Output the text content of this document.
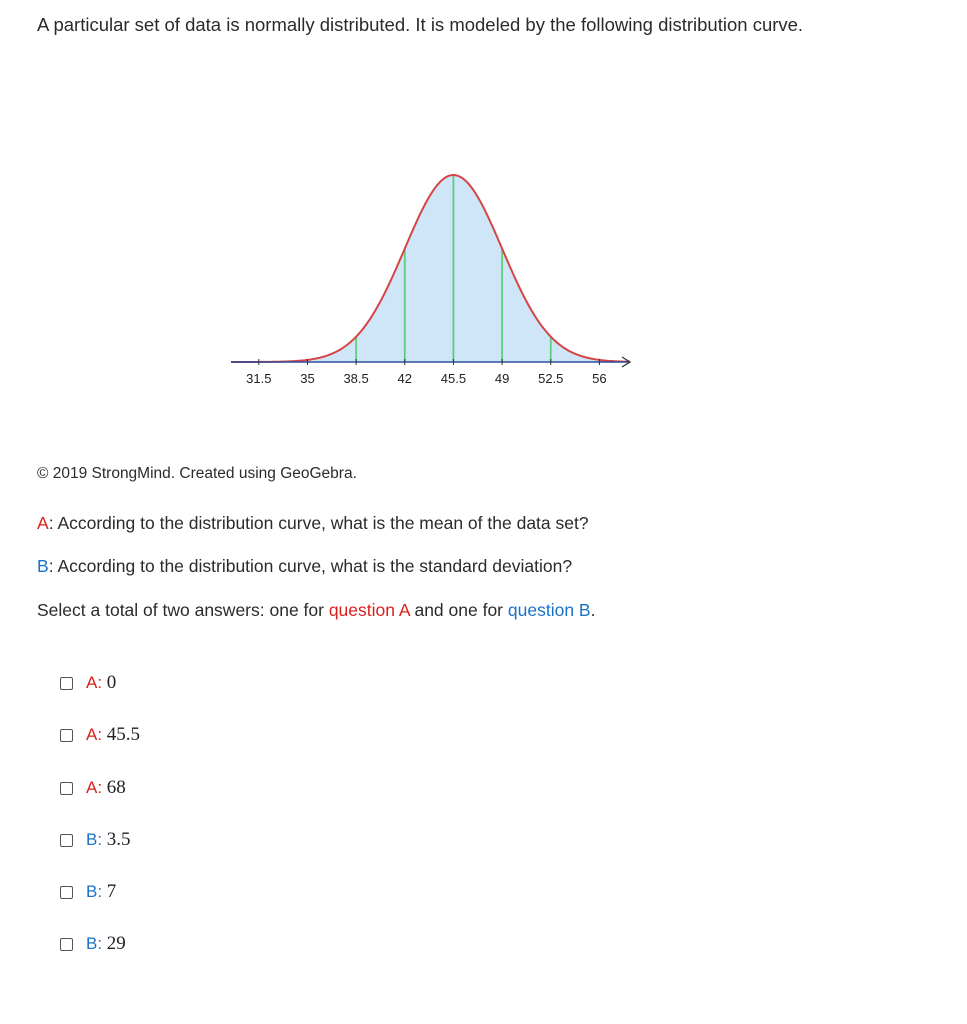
A particular set of data is normally distributed. It is modeled by the following distribution curve.

31.5 35 38.5 42 45.5 49 52.5 56

© 2019 StrongMind. Created using GeoGebra.

A: According to the distribution curve, what is the mean of the data set?

B: According to the distribution curve, what is the standard deviation?

Select a total of two answers: one for question A and one for question B.

A: 0
A: 45.5
A: 68
B: 3.5
B: 7
B: 29
